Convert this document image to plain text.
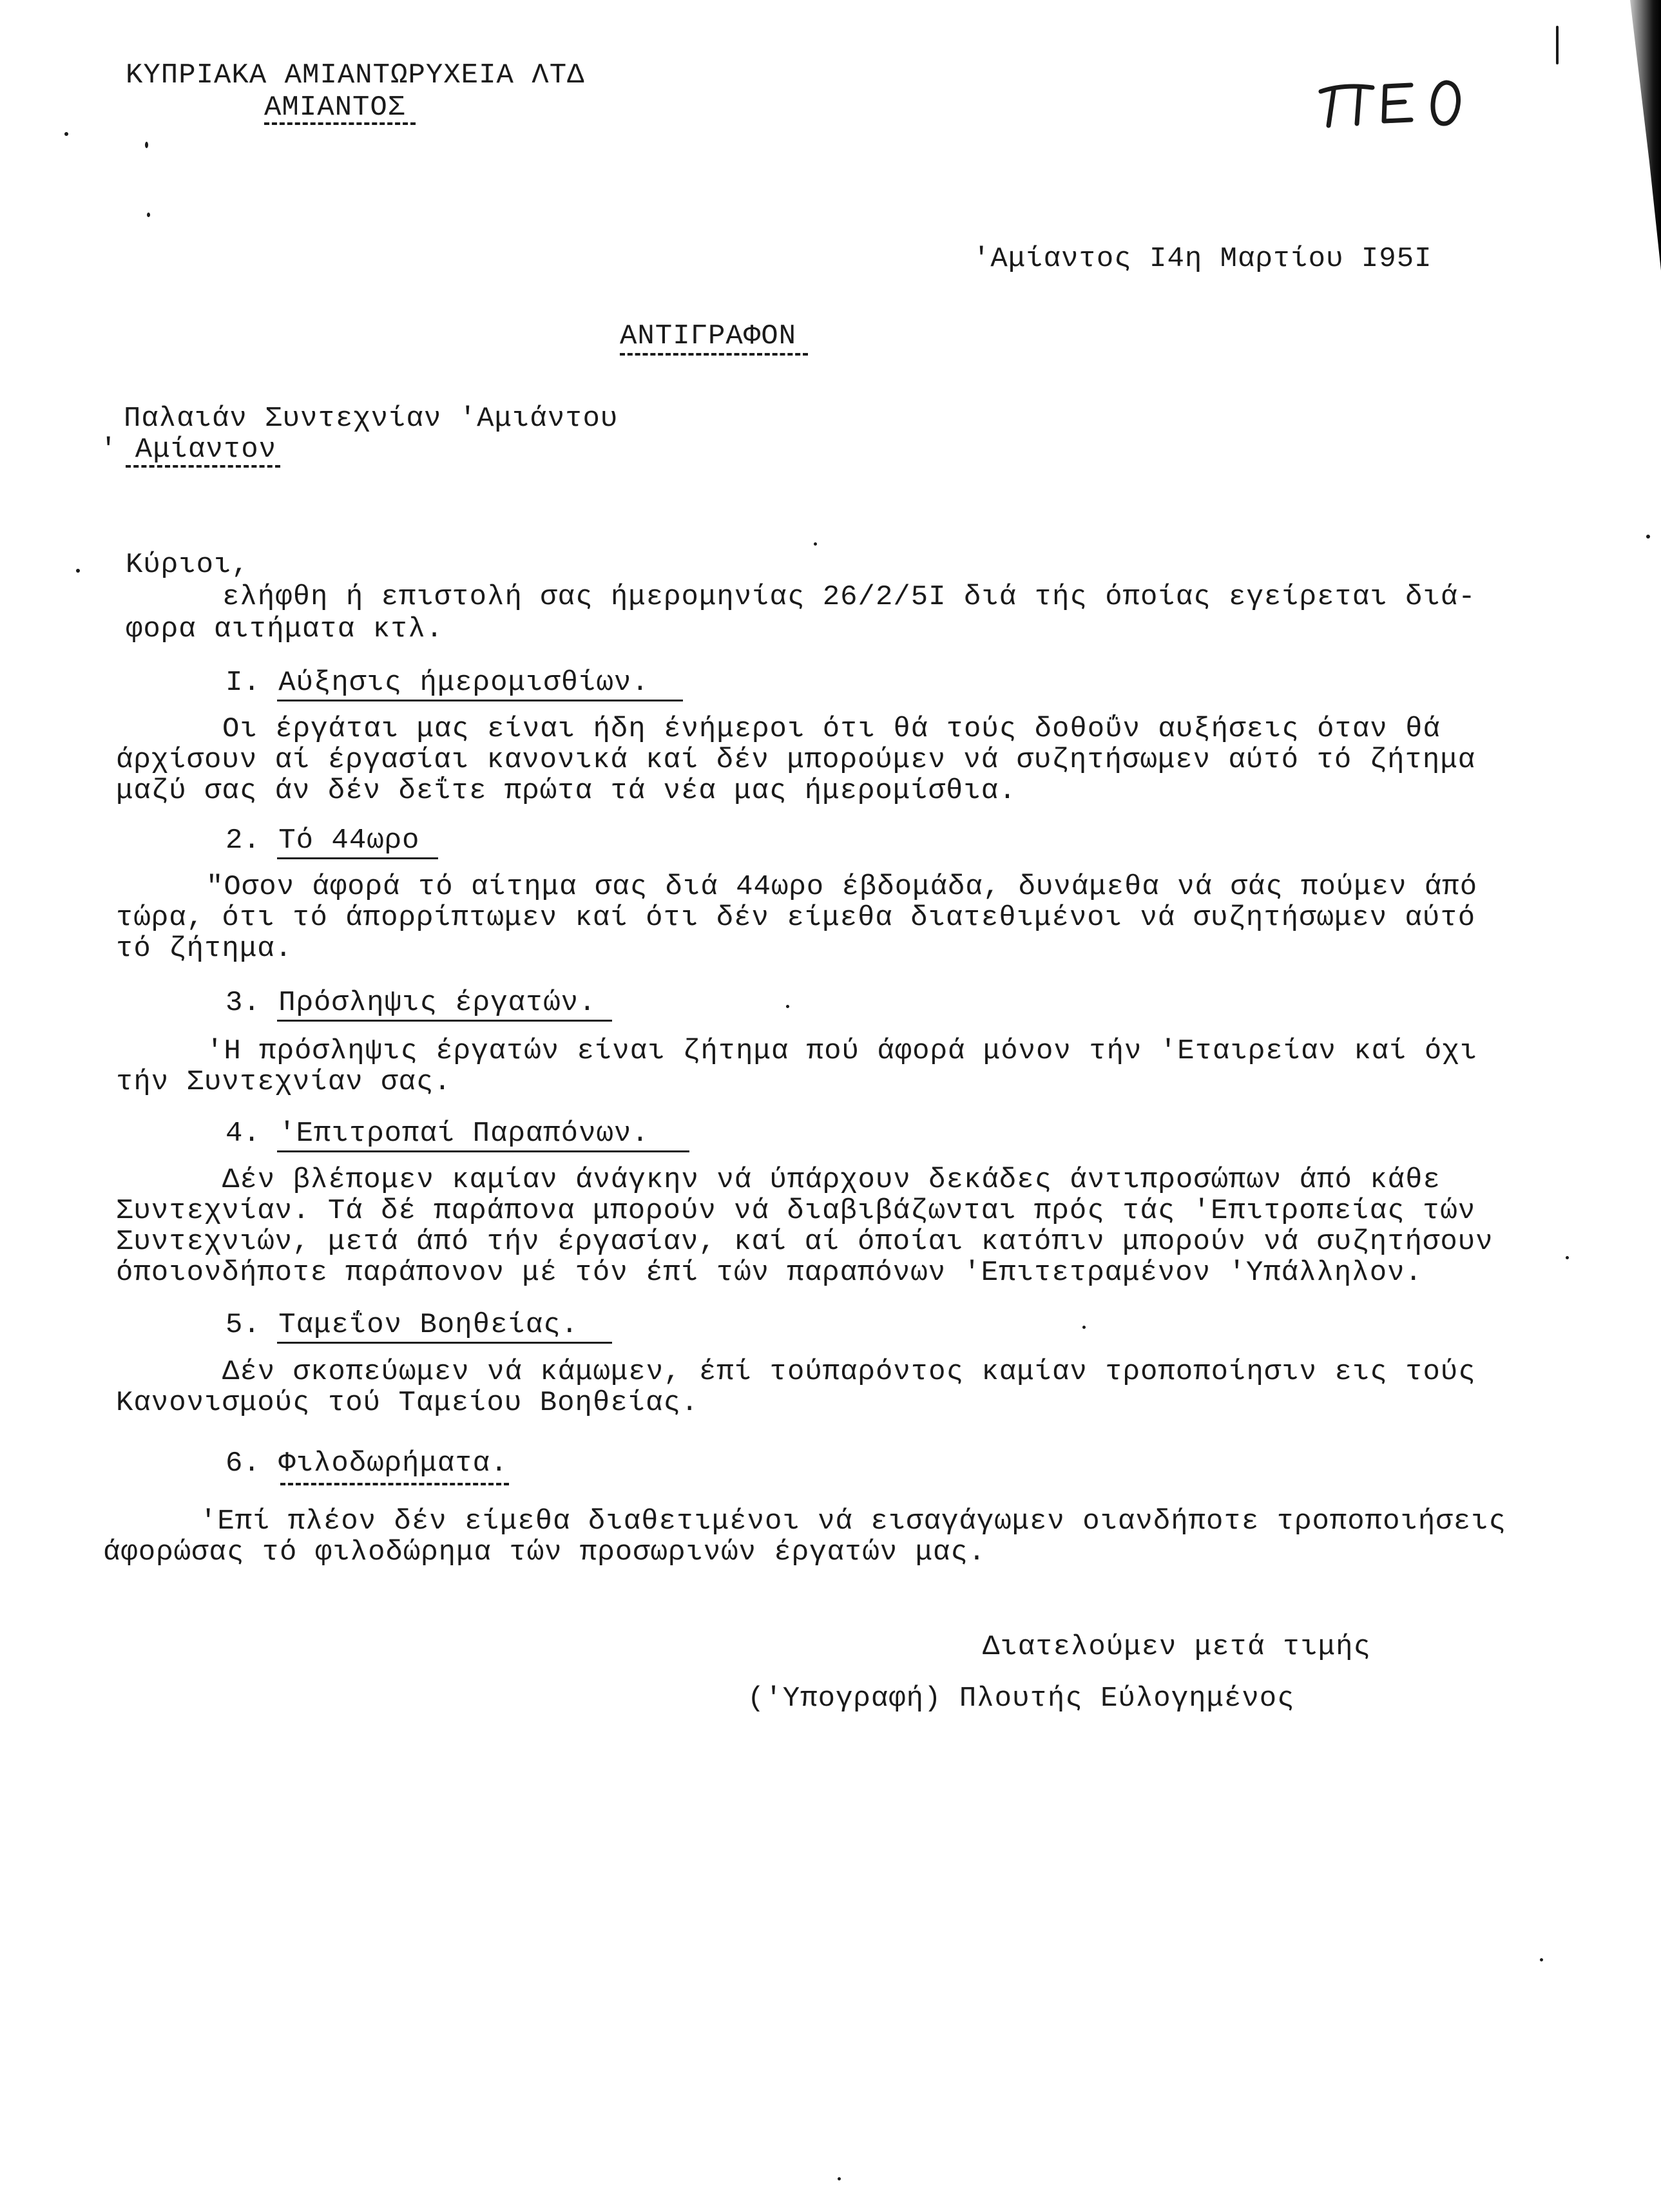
ΚΥΠΡΙΑΚΑ ΑΜΙΑΝΤΩΡΥΧΕΙΑ ΛΤΔ
ΑΜΙΑΝΤΟΣ
'Αμίαντος Ι4η Μαρτίου Ι95Ι
ΑΝΤΙΓΡΑΦΟΝ
Παλαιάν Συντεχνίαν 'Αμιάντου
' Αμίαντον
Κύριοι,
ελήφθη ή επιστολή σας ήμερομηνίας 26/2/5Ι διά τής όποίας εγείρεται διά-
φορα αιτήματα κτλ.
Ι. Αύξησις ήμερομισθίων.
Οι έργάται μας είναι ήδη ένήμεροι ότι θά τούς δοθοΰν αυξήσεις όταν θά
άρχίσουν αί έργασίαι κανονικά καί δέν μπορούμεν νά συζητήσωμεν αύτό τό ζήτημα
μαζύ σας άν δέν δεΐτε πρώτα τά νέα μας ήμερομίσθια.
2. Τό 44ωρο
"Οσον άφορά τό αίτημα σας διά 44ωρο έβδομάδα, δυνάμεθα νά σάς πούμεν άπό
τώρα, ότι τό άπορρίπτωμεν καί ότι δέν είμεθα διατεθιμένοι νά συζητήσωμεν αύτό
τό ζήτημα.
3. Πρόσληψις έργατών.
'Η πρόσληψις έργατών είναι ζήτημα πού άφορά μόνον τήν 'Εταιρείαν καί όχι
τήν Συντεχνίαν σας.
4. 'Επιτροπαί Παραπόνων.
Δέν βλέπομεν καμίαν άνάγκην νά ύπάρχουν δεκάδες άντιπροσώπων άπό κάθε
Συντεχνίαν. Τά δέ παράπονα μπορούν νά διαβιβάζωνται πρός τάς 'Επιτροπείας τών
Συντεχνιών, μετά άπό τήν έργασίαν, καί αί όποίαι κατόπιν μπορούν νά συζητήσουν
όποιονδήποτε παράπονον μέ τόν έπί τών παραπόνων 'Επιτετραμένον 'Υπάλληλον.
5. Ταμεΐον Βοηθείας.
Δέν σκοπεύωμεν νά κάμωμεν, έπί τούπαρόντος καμίαν τροποποίησιν εις τούς
Κανονισμούς τού Ταμείου Βοηθείας.
6. Φιλοδωρήματα.
'Επί πλέον δέν είμεθα διαθετιμένοι νά εισαγάγωμεν οιανδήποτε τροποποιήσεις
άφορώσας τό φιλοδώρημα τών προσωρινών έργατών μας.
Διατελούμεν μετά τιμής
('Υπογραφή) Πλουτής Εύλογημένος
